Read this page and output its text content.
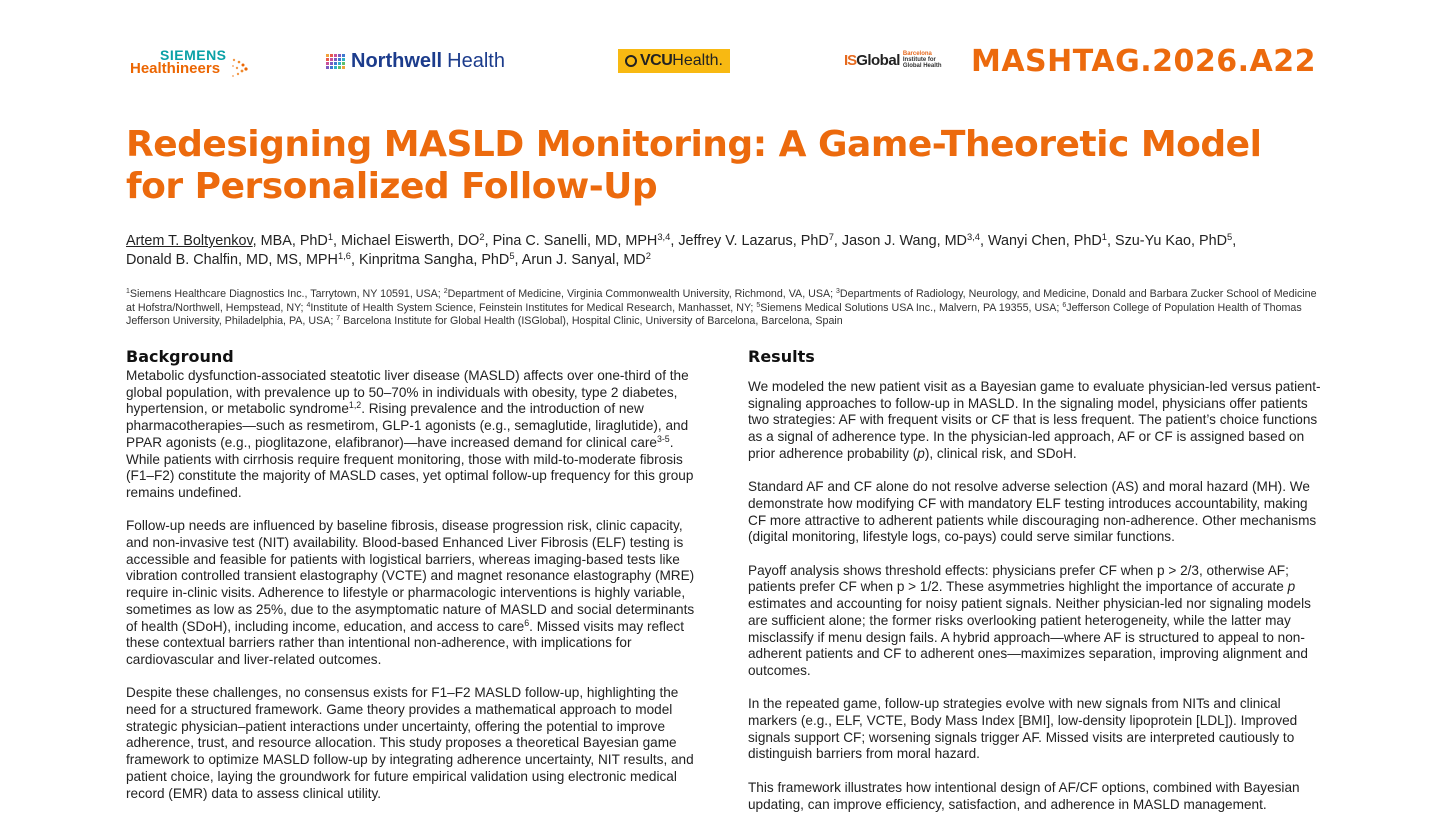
SIEMENS
Healthineers	Northwell Health	VCU Health.	IS Global Barcelona
Institute for
Global Health MASHTAG.2026.A22
Redesigning MASLD Monitoring: A Game-Theoretic Model for Personalized Follow-Up
Artem T. Boltyenkov, MBA, PhD$^1$, Michael Eiswerth, $DO^2$, Pina C. Sanelli, MD, MPH$^{3,4}$, Jeffrey V. Lazarus, PhD$^7$, Jason J. Wang, MD$^{3,4}$, Wanyi Chen, PhD$^1$, Szu-Yu Kao, PhD$^5$,
Donald B. Chalfin, MD, MS, MPH$^{1,6}$, Kinpritma Sangha, PhD$^5$, Arun J. Sanyal, $MD^2$
$^1$Siemens Healthcare Diagnostics Inc., Tarrytown, NY 10591, USA; $^2$Department of Medicine, Virginia Commonwealth University, Richmond, VA, USA; $^3$Departments of Radiology, Neurology, and Medicine, Donald and Barbara Zucker School of Medicine at Hofstra/Northwell, Hempstead, NY; $^4$Institute of Health System Science, Feinstein Institutes for Medical Research, Manhasset, NY; $^5$Siemens Medical Solutions USA Inc., Malvern, PA 19355, USA; $^6$Jefferson College of Population Health of Thomas Jefferson University, Philadelphia, PA, USA; $^7$ Barcelona Institute for Global Health (ISGlobal), Hospital Clinic, University of Barcelona, Barcelona, Spain
Background

Metabolic dysfunction-associated steatotic liver disease (MASLD) affects over one-third of the global population, with prevalence up to 50–70% in individuals with obesity, type 2 diabetes, hypertension, or metabolic syndrome$^{1,2}$. Rising prevalence and the introduction of new pharmacotherapies—such as resmetirom, GLP-1 agonists (e.g., semaglutide, liraglutide), and PPAR agonists (e.g., pioglitazone, elafibranor)—have increased demand for clinical care$^{3-5}$. While patients with cirrhosis require frequent monitoring, those with mild-to-moderate fibrosis (F1–F2) constitute the majority of MASLD cases, yet optimal follow-up frequency for this group remains undefined.

Follow-up needs are influenced by baseline fibrosis, disease progression risk, clinic capacity, and non-invasive test (NIT) availability. Blood-based Enhanced Liver Fibrosis (ELF) testing is accessible and feasible for patients with logistical barriers, whereas imaging-based tests like vibration controlled transient elastography (VCTE) and magnet resonance elastography (MRE) require in-clinic visits. Adherence to lifestyle or pharmacologic interventions is highly variable, sometimes as low as 25%, due to the asymptomatic nature of MASLD and social determinants of health (SDoH), including income, education, and access to care$^6$. Missed visits may reflect these contextual barriers rather than intentional non-adherence, with implications for cardiovascular and liver-related outcomes.

Despite these challenges, no consensus exists for F1–F2 MASLD follow-up, highlighting the need for a structured framework. Game theory provides a mathematical approach to model strategic physician–patient interactions under uncertainty, offering the potential to improve adherence, trust, and resource allocation. This study proposes a theoretical Bayesian game framework to optimize MASLD follow-up by integrating adherence uncertainty, NIT results, and patient choice, laying the groundwork for future empirical validation using electronic medical record (EMR) data to assess clinical utility.

Results

We modeled the new patient visit as a Bayesian game to evaluate physician-led versus patient-signaling approaches to follow-up in MASLD. In the signaling model, physicians offer patients two strategies: AF with frequent visits or CF that is less frequent. The patient’s choice functions as a signal of adherence type. In the physician-led approach, AF or CF is assigned based on prior adherence probability (p), clinical risk, and SDoH.

Standard AF and CF alone do not resolve adverse selection (AS) and moral hazard (MH). We demonstrate how modifying CF with mandatory ELF testing introduces accountability, making CF more attractive to adherent patients while discouraging non-adherence. Other mechanisms (digital monitoring, lifestyle logs, co-pays) could serve similar functions.

Payoff analysis shows threshold effects: physicians prefer CF when p > 2/3, otherwise AF; patients prefer CF when p > 1/2. These asymmetries highlight the importance of accurate p estimates and accounting for noisy patient signals. Neither physician-led nor signaling models are sufficient alone; the former risks overlooking patient heterogeneity, while the latter may misclassify if menu design fails. A hybrid approach—where AF is structured to appeal to non-adherent patients and CF to adherent ones—maximizes separation, improving alignment and outcomes.

In the repeated game, follow-up strategies evolve with new signals from NITs and clinical markers (e.g., ELF, VCTE, Body Mass Index [BMI], low-density lipoprotein [LDL]). Improved signals support CF; worsening signals trigger AF. Missed visits are interpreted cautiously to distinguish barriers from moral hazard.

This framework illustrates how intentional design of AF/CF options, combined with Bayesian updating, can improve efficiency, satisfaction, and adherence in MASLD management.
